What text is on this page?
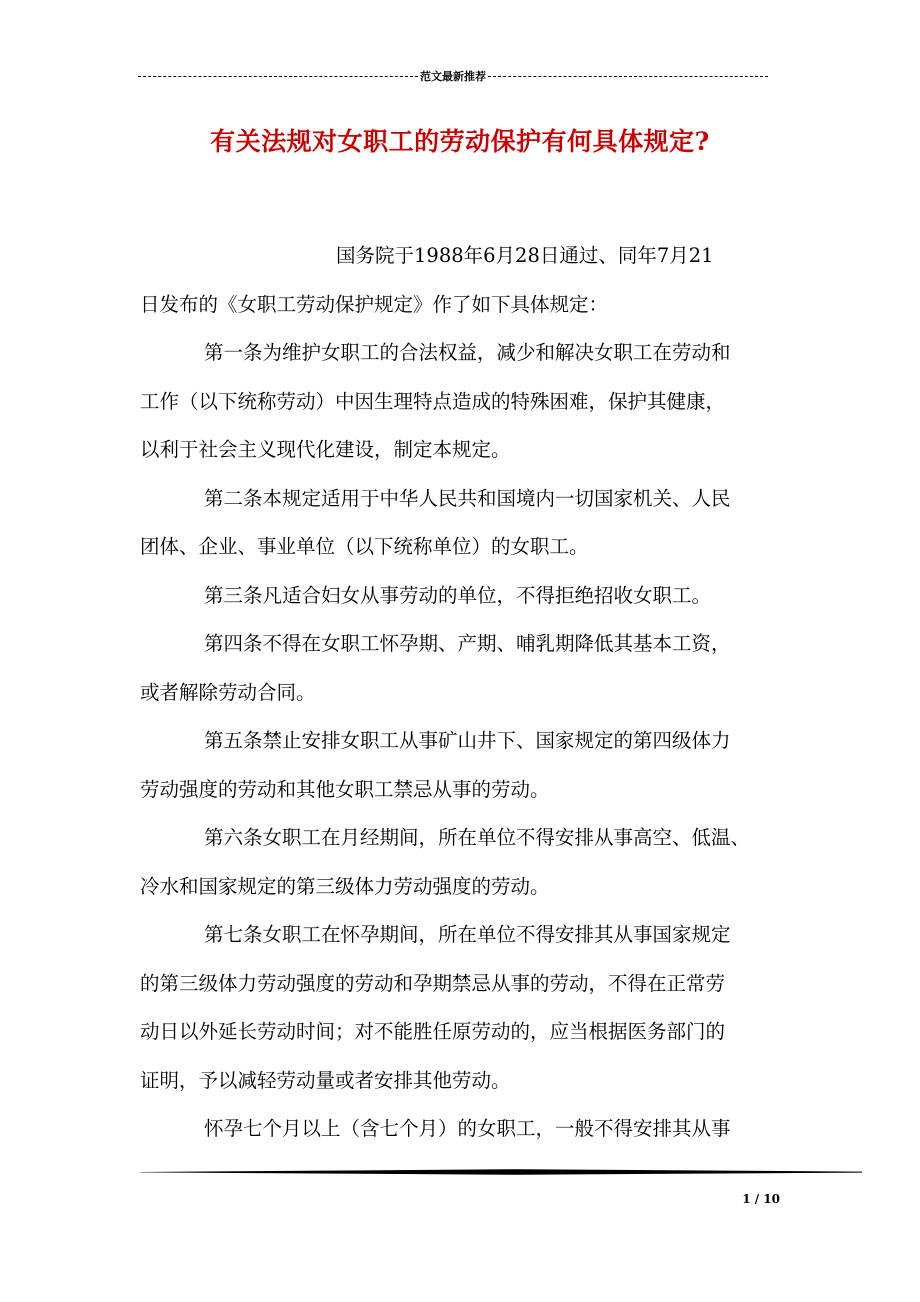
范文最新推荐
有关法规对女职工的劳动保护有何具体规定?
国务院于1988年6月28日通过、同年7月21
日发布的《女职工劳动保护规定》作了如下具体规定：
第一条为维护女职工的合法权益，减少和解决女职工在劳动和
工作（以下统称劳动）中因生理特点造成的特殊困难，保护其健康，
以利于社会主义现代化建设，制定本规定。
第二条本规定适用于中华人民共和国境内一切国家机关、人民
团体、企业、事业单位（以下统称单位）的女职工。
第三条凡适合妇女从事劳动的单位，不得拒绝招收女职工。
第四条不得在女职工怀孕期、产期、哺乳期降低其基本工资，
或者解除劳动合同。
第五条禁止安排女职工从事矿山井下、国家规定的第四级体力
劳动强度的劳动和其他女职工禁忌从事的劳动。
第六条女职工在月经期间，所在单位不得安排从事高空、低温、
冷水和国家规定的第三级体力劳动强度的劳动。
第七条女职工在怀孕期间，所在单位不得安排其从事国家规定
的第三级体力劳动强度的劳动和孕期禁忌从事的劳动，不得在正常劳
动日以外延长劳动时间；对不能胜任原劳动的，应当根据医务部门的
证明，予以减轻劳动量或者安排其他劳动。
怀孕七个月以上（含七个月）的女职工，一般不得安排其从事
1 / 10
